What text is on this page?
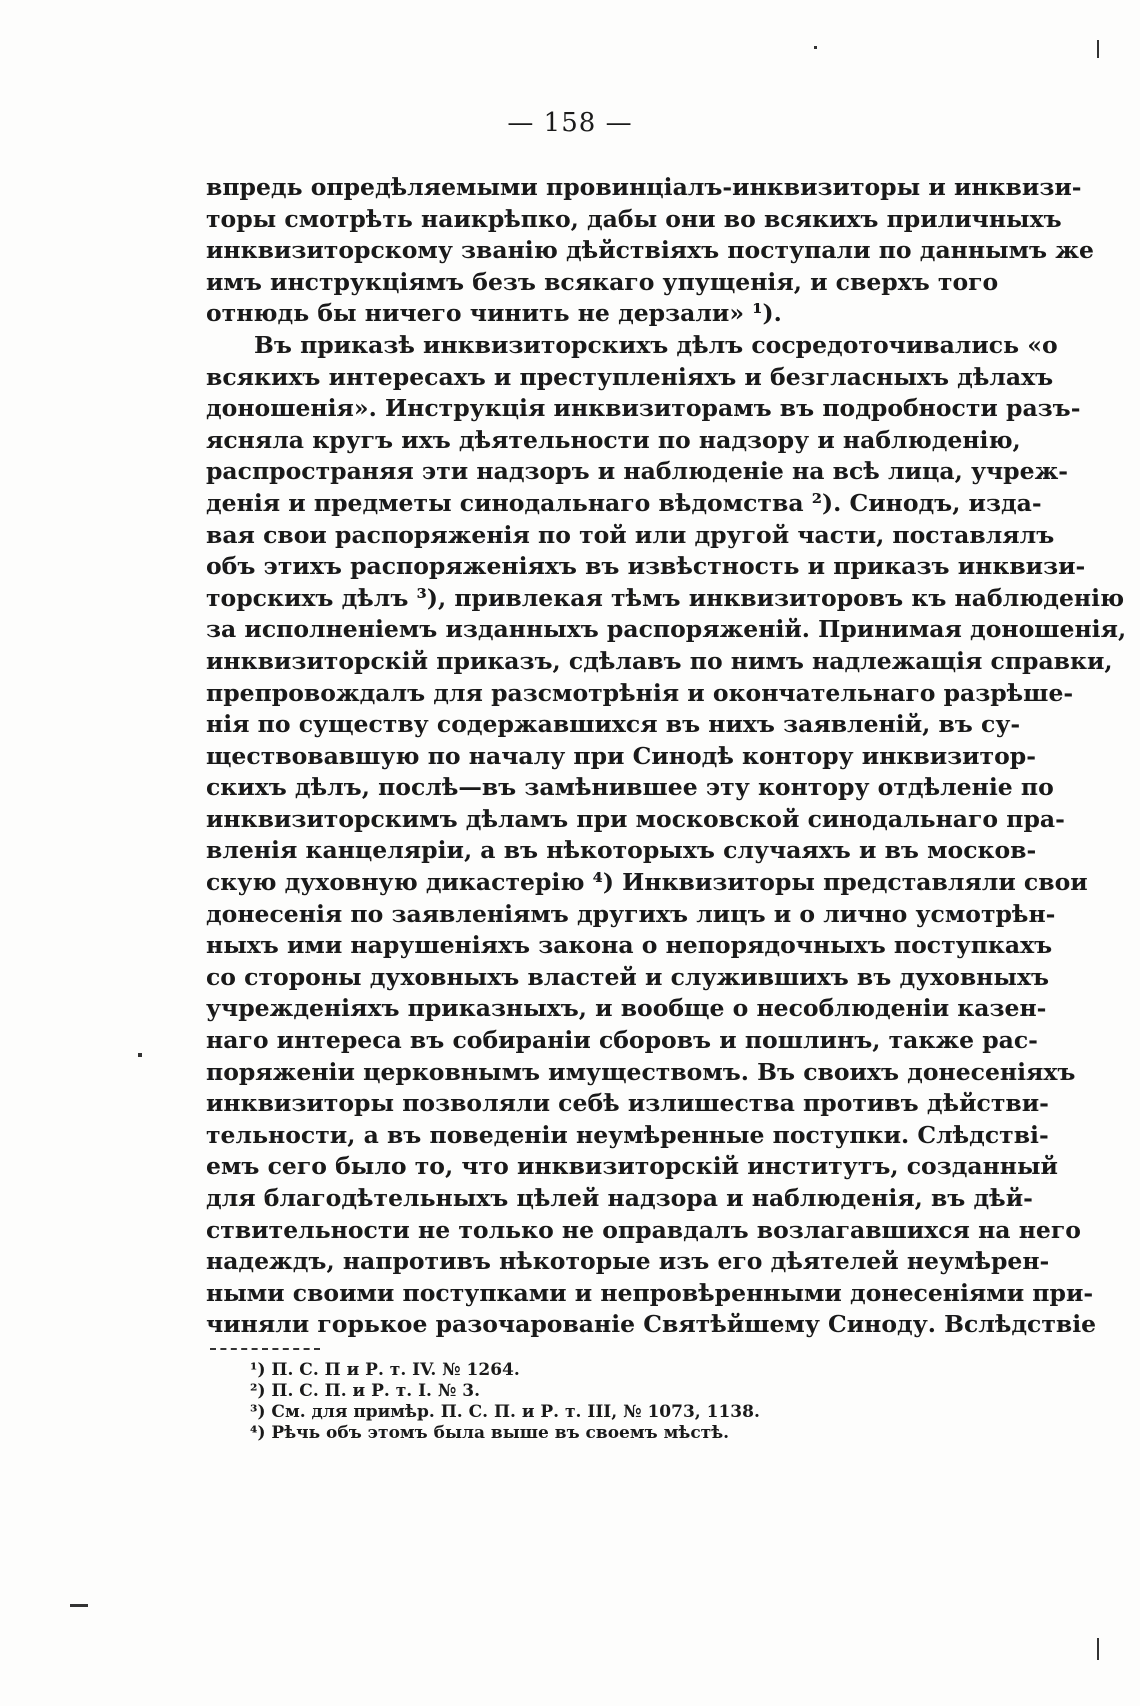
— 158 —
впредь опредѣляемыми провинціалъ-инквизиторы и инквизи-
торы смотрѣть наикрѣпко, дабы они во всякихъ приличныхъ
инквизиторскому званію дѣйствіяхъ поступали по даннымъ же
имъ инструкціямъ безъ всякаго упущенія, и сверхъ того
отнюдь бы ничего чинить не дерзали» ¹).
Въ приказѣ инквизиторскихъ дѣлъ сосредоточивались «о
всякихъ интересахъ и преступленіяхъ и безгласныхъ дѣлахъ
доношенія». Инструкція инквизиторамъ въ подробности разъ-
ясняла кругъ ихъ дѣятельности по надзору и наблюденію,
распространяя эти надзоръ и наблюденіе на всѣ лица, учреж-
денія и предметы синодальнаго вѣдомства ²). Синодъ, изда-
вая свои распоряженія по той или другой части, поставлялъ
объ этихъ распоряженіяхъ въ извѣстность и приказъ инквизи-
торскихъ дѣлъ ³), привлекая тѣмъ инквизиторовъ къ наблюденію
за исполненіемъ изданныхъ распоряженій. Принимая доношенія,
инквизиторскій приказъ, сдѣлавъ по нимъ надлежащія справки,
препровождалъ для разсмотрѣнія и окончательнаго разрѣше-
нія по существу содержавшихся въ нихъ заявленій, въ су-
ществовавшую по началу при Синодѣ контору инквизитор-
скихъ дѣлъ, послѣ—въ замѣнившее эту контору отдѣленіе по
инквизиторскимъ дѣламъ при московской синодальнаго пра-
вленія канцеляріи, а въ нѣкоторыхъ случаяхъ и въ москов-
скую духовную дикастерію ⁴) Инквизиторы представляли свои
донесенія по заявленіямъ другихъ лицъ и о лично усмотрѣн-
ныхъ ими нарушеніяхъ закона о непорядочныхъ поступкахъ
со стороны духовныхъ властей и служившихъ въ духовныхъ
учрежденіяхъ приказныхъ, и вообще о несоблюденіи казен-
наго интереса въ собираніи сборовъ и пошлинъ, также рас-
поряженіи церковнымъ имуществомъ. Въ своихъ донесеніяхъ
инквизиторы позволяли себѣ излишества противъ дѣйстви-
тельности, а въ поведеніи неумѣренные поступки. Слѣдстві-
емъ сего было то, что инквизиторскій институтъ, созданный
для благодѣтельныхъ цѣлей надзора и наблюденія, въ дѣй-
ствительности не только не оправдалъ возлагавшихся на него
надеждъ, напротивъ нѣкоторые изъ его дѣятелей неумѣрен-
ными своими поступками и непровѣренными донесеніями при-
чиняли горькое разочарованіе Святѣйшему Синоду. Вслѣдствіе
¹) П. С. П и Р. т. IV. № 1264.
²) П. С. П. и Р. т. I. № 3.
³) См. для примѣр. П. С. П. и Р. т. III, № 1073, 1138.
⁴) Рѣчь объ этомъ была выше въ своемъ мѣстѣ.
